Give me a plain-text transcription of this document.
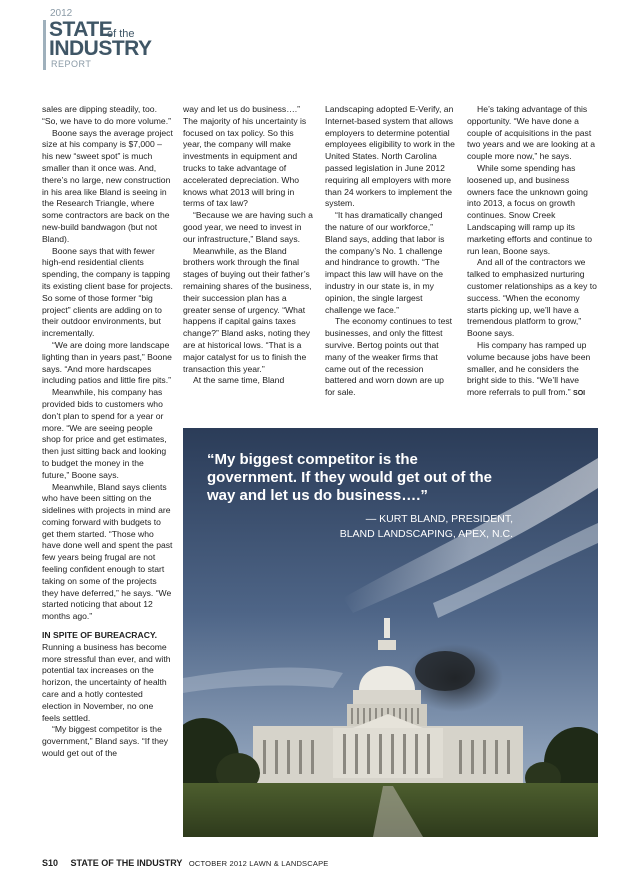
2012
STATE
of the
INDUSTRY
REPORT

sales are dipping steadily, too. “So, we have to do more volume.”

Boone says the average project size at his company is $7,000 – his new “sweet spot” is much smaller than it once was. And, there’s no large, new construction in his area like Bland is seeing in the Research Triangle, where some contractors are back on the new-build bandwagon (but not Bland).

Boone says that with fewer high-end residential clients spending, the company is tapping its existing client base for projects. So some of those former “big project” clients are adding on to their outdoor environments, but incrementally.

“We are doing more landscape lighting than in years past,” Boone says. “And more hardscapes including patios and little fire pits.”

Meanwhile, his company has provided bids to customers who don’t plan to spend for a year or more. “We are seeing people shop for price and get estimates, then just sitting back and looking to budget the money in the future,” Boone says.

Meanwhile, Bland says clients who have been sitting on the sidelines with projects in mind are coming forward with budgets to get them started. “Those who have done well and spent the past few years being frugal are not feeling confident enough to start taking on some of the projects they have deferred,” he says. “We started noticing that about 12 months ago.”

IN SPITE OF BUREACRACY.

Running a business has become more stressful than ever, and with potential tax increases on the horizon, the uncertainty of health care and a hotly contested election in November, no one feels settled.

“My biggest competitor is the government,” Bland says. “If they would get out of the

way and let us do business….” The majority of his uncertainty is focused on tax policy. So this year, the company will make investments in equipment and trucks to take advantage of accelerated depreciation. Who knows what 2013 will bring in terms of tax law?

“Because we are having such a good year, we need to invest in our infrastructure,” Bland says.

Meanwhile, as the Bland brothers work through the final stages of buying out their father’s remaining shares of the business, their succession plan has a greater sense of urgency. “What happens if capital gains taxes change?” Bland asks, noting they are at historical lows. “That is a major catalyst for us to finish the transaction this year.”

At the same time, Bland

Landscaping adopted E-Verify, an Internet-based system that allows employers to determine potential employees eligibility to work in the United States. North Carolina passed legislation in June 2012 requiring all employers with more than 24 workers to implement the system.

“It has dramatically changed the nature of our workforce,” Bland says, adding that labor is the company’s No. 1 challenge and hindrance to growth. “The impact this law will have on the industry in our state is, in my opinion, the single largest challenge we face.”

The economy continues to test businesses, and only the fittest survive. Bertog points out that many of the weaker firms that came out of the recession battered and worn down are up for sale.

He’s taking advantage of this opportunity. “We have done a couple of acquisitions in the past two years and we are looking at a couple more now,” he says.

While some spending has loosened up, and business owners face the unknown going into 2013, a focus on growth continues. Snow Creek Landscaping will ramp up its marketing efforts and continue to run lean, Boone says.

And all of the contractors we talked to emphasized nurturing customer relationships as a key to success. “When the economy starts picking up, we’ll have a tremendous platform to grow,” Boone says.

His company has ramped up volume because jobs have been smaller, and he considers the bright side to this. “We’ll have more referrals to pull from.” SOI

“My biggest competitor is the government. If they would get out of the way and let us do business….”
— KURT BLAND, PRESIDENT,
BLAND LANDSCAPING, APEX, N.C.
S10 STATE OF THE INDUSTRY OCTOBER 2012 LAWN & LANDSCAPE
